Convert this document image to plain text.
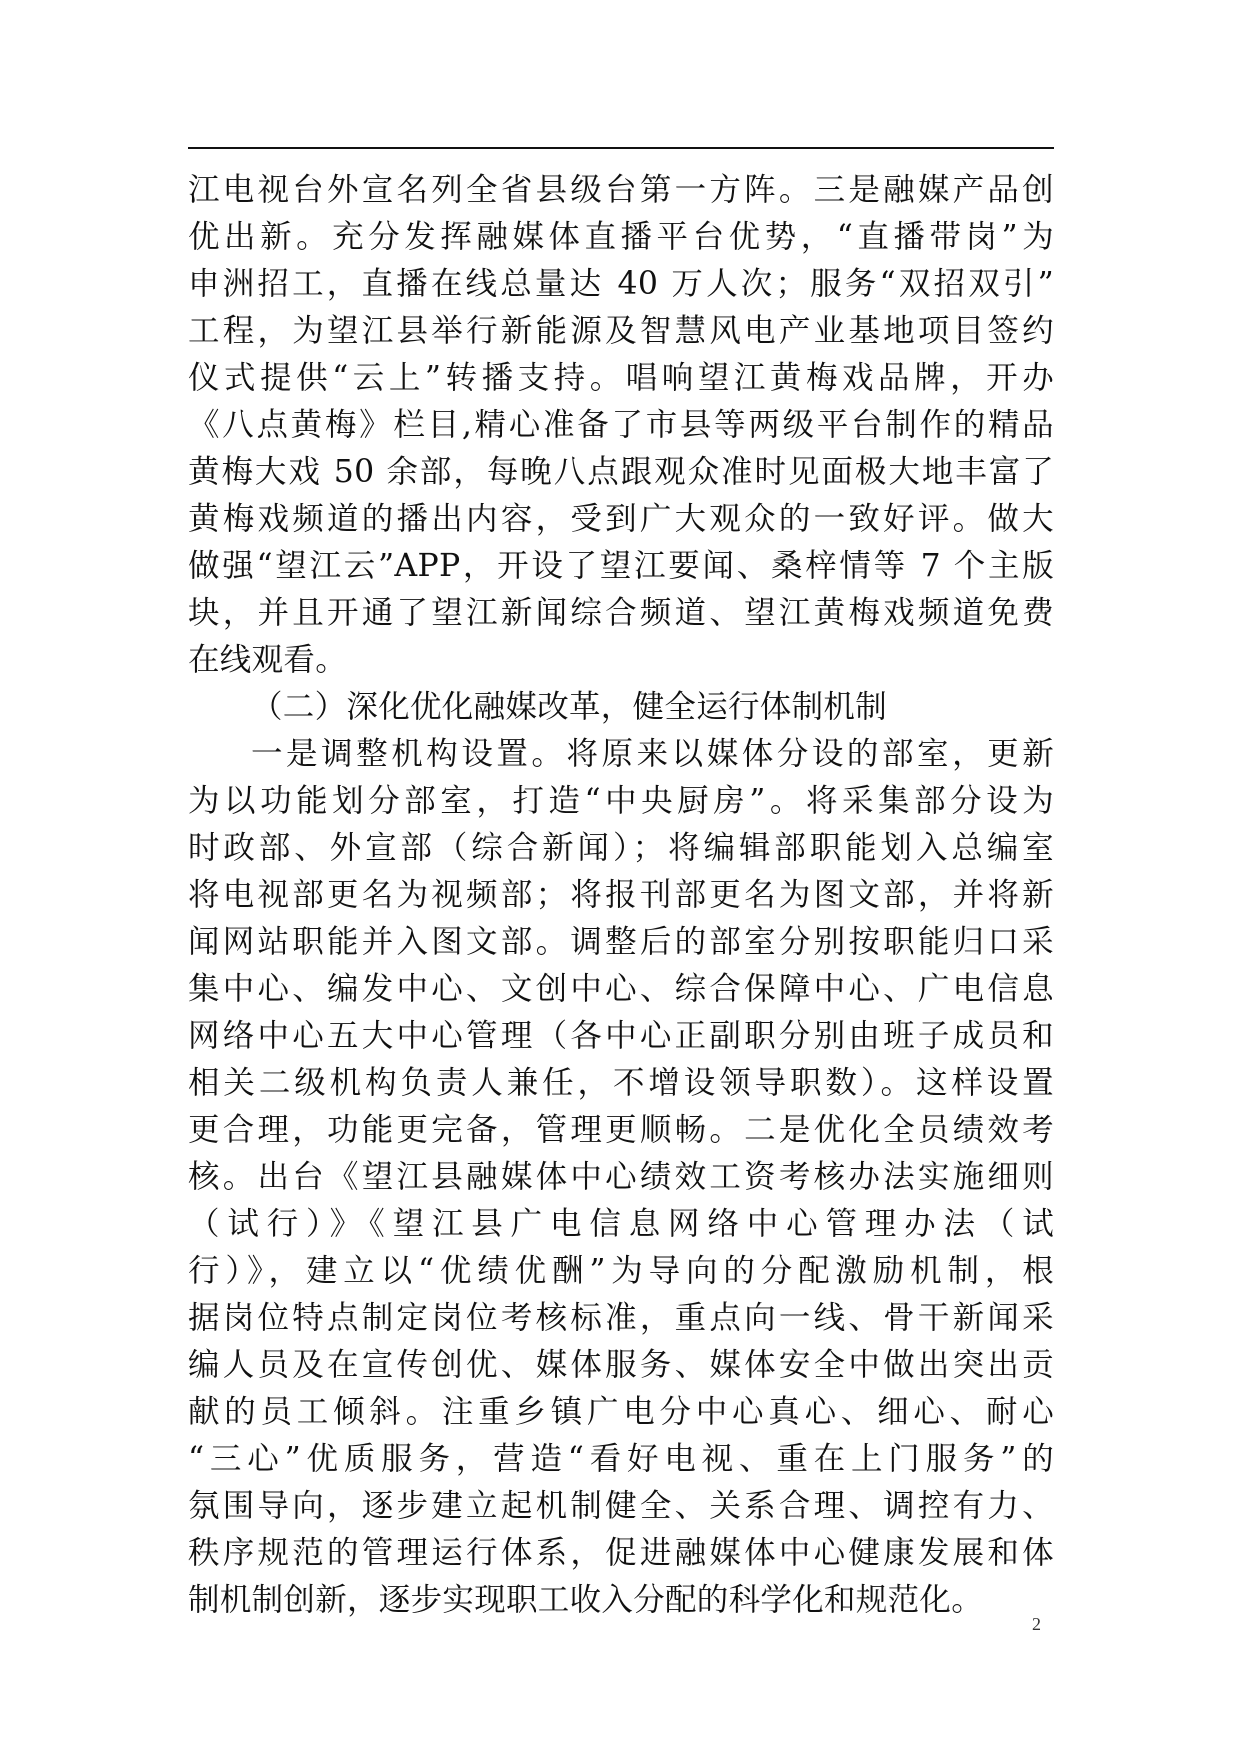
江电视台外宣名列全省县级台第一方阵。三是融媒产品创
优出新。充分发挥融媒体直播平台优势，“直播带岗”为
申洲招工，直播在线总量达 40 万人次；服务“双招双引”
工程，为望江县举行新能源及智慧风电产业基地项目签约
仪式提供“云上”转播支持。唱响望江黄梅戏品牌，开办
《八点黄梅》栏目,精心准备了市县等两级平台制作的精品
黄梅大戏 50 余部，每晚八点跟观众准时见面极大地丰富了
黄梅戏频道的播出内容，受到广大观众的一致好评。做大
做强“望江云”APP，开设了望江要闻、桑梓情等 7 个主版
块，并且开通了望江新闻综合频道、望江黄梅戏频道免费
在线观看。
（二）深化优化融媒改革，健全运行体制机制
一是调整机构设置。将原来以媒体分设的部室，更新
为以功能划分部室，打造“中央厨房”。将采集部分设为
时政部、外宣部（综合新闻）；将编辑部职能划入总编室
将电视部更名为视频部；将报刊部更名为图文部，并将新
闻网站职能并入图文部。调整后的部室分别按职能归口采
集中心、编发中心、文创中心、综合保障中心、广电信息
网络中心五大中心管理（各中心正副职分别由班子成员和
相关二级机构负责人兼任，不增设领导职数）。这样设置
更合理，功能更完备，管理更顺畅。二是优化全员绩效考
核。出台《望江县融媒体中心绩效工资考核办法实施细则
（试行）》《望江县广电信息网络中心管理办法（试
行）》，建立以“优绩优酬”为导向的分配激励机制，根
据岗位特点制定岗位考核标准，重点向一线、骨干新闻采
编人员及在宣传创优、媒体服务、媒体安全中做出突出贡
献的员工倾斜。注重乡镇广电分中心真心、细心、耐心
“三心”优质服务，营造“看好电视、重在上门服务”的
氛围导向，逐步建立起机制健全、关系合理、调控有力、
秩序规范的管理运行体系，促进融媒体中心健康发展和体
制机制创新，逐步实现职工收入分配的科学化和规范化。
2
